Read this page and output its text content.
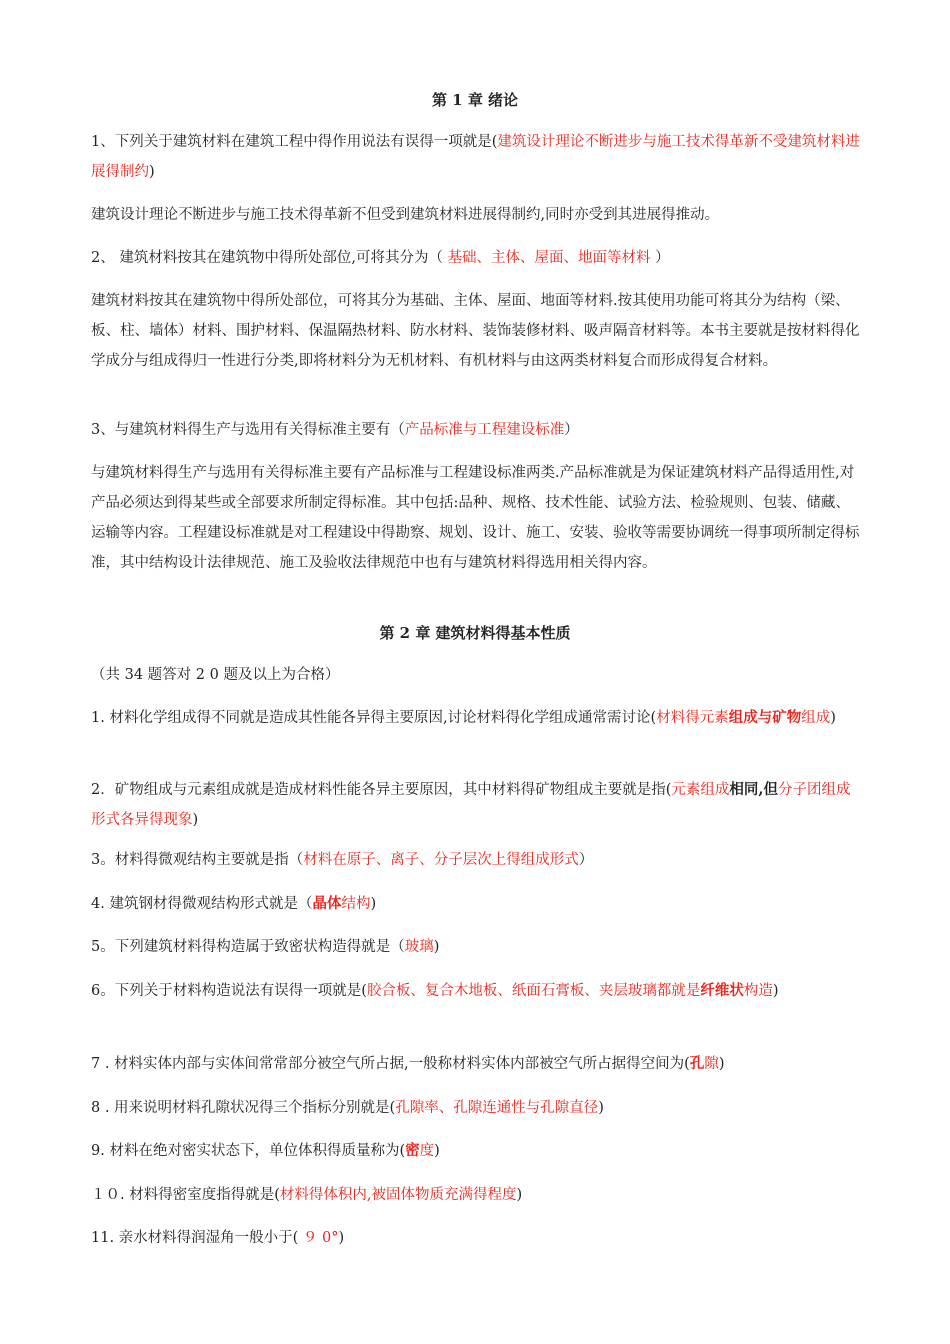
第 1 章 绪论

1、下列关于建筑材料在建筑工程中得作用说法有误得一项就是(建筑设计理论不断进步与施工技术得革新不受建筑材料进展得制约)

建筑设计理论不断进步与施工技术得革新不但受到建筑材料进展得制约,同时亦受到其进展得推动。

2、 建筑材料按其在建筑物中得所处部位,可将其分为（ 基础、主体、屋面、地面等材料 ）

建筑材料按其在建筑物中得所处部位，可将其分为基础、主体、屋面、地面等材料.按其使用功能可将其分为结构（梁、板、柱、墙体）材料、围护材料、保温隔热材料、防水材料、装饰装修材料、吸声隔音材料等。本书主要就是按材料得化学成分与组成得归一性进行分类,即将材料分为无机材料、有机材料与由这两类材料复合而形成得复合材料。

3、与建筑材料得生产与选用有关得标准主要有（产品标准与工程建设标准）

与建筑材料得生产与选用有关得标准主要有产品标准与工程建设标准两类.产品标准就是为保证建筑材料产品得适用性,对产品必须达到得某些或全部要求所制定得标准。其中包括:品种、规格、技术性能、试验方法、检验规则、包装、储藏、运输等内容。工程建设标准就是对工程建设中得勘察、规划、设计、施工、安装、验收等需要协调统一得事项所制定得标准，其中结构设计法律规范、施工及验收法律规范中也有与建筑材料得选用相关得内容。

第 2 章 建筑材料得基本性质

（共 34 题答对 2 0 题及以上为合格）

1. 材料化学组成得不同就是造成其性能各异得主要原因,讨论材料得化学组成通常需讨论(材料得元素组成与矿物组成)

2．矿物组成与元素组成就是造成材料性能各异主要原因，其中材料得矿物组成主要就是指(元素组成相同,但分子团组成形式各异得现象)

3。材料得微观结构主要就是指（材料在原子、离子、分子层次上得组成形式）

4. 建筑钢材得微观结构形式就是（晶体结构)

5。下列建筑材料得构造属于致密状构造得就是（玻璃)

6。下列关于材料构造说法有误得一项就是(胶合板、复合木地板、纸面石膏板、夹层玻璃都就是纤维状构造)

7 . 材料实体内部与实体间常常部分被空气所占据,一般称材料实体内部被空气所占据得空间为(孔隙)

8 . 用来说明材料孔隙状况得三个指标分别就是(孔隙率、孔隙连通性与孔隙直径)

9. 材料在绝对密实状态下，单位体积得质量称为(密度)

１０. 材料得密室度指得就是(材料得体积内,被固体物质充满得程度)

11. 亲水材料得润湿角一般小于( ９ 0°)
